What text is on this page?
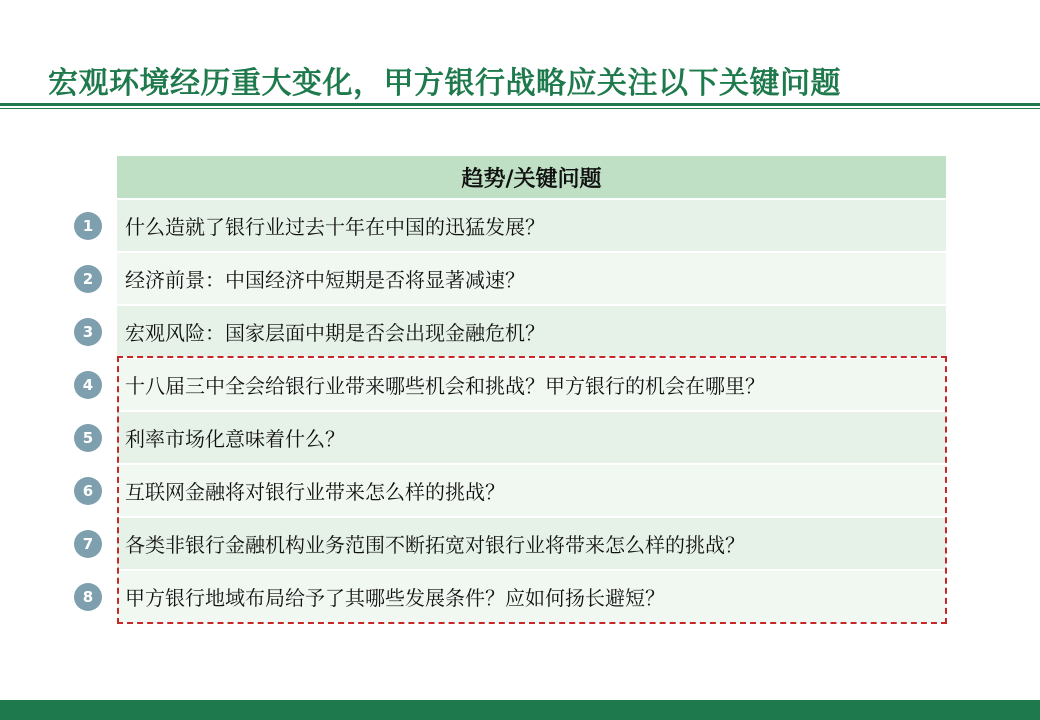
宏观环境经历重大变化，甲方银行战略应关注以下关键问题
趋势/关键问题
1	什么造就了银行业过去十年在中国的迅猛发展？
2	经济前景：中国经济中短期是否将显著减速？
3	宏观风险：国家层面中期是否会出现金融危机？
4	十八届三中全会给银行业带来哪些机会和挑战？甲方银行的机会在哪里？
5	利率市场化意味着什么？
6	互联网金融将对银行业带来怎么样的挑战？
7	各类非银行金融机构业务范围不断拓宽对银行业将带来怎么样的挑战？
8	甲方银行地域布局给予了其哪些发展条件？应如何扬长避短？
